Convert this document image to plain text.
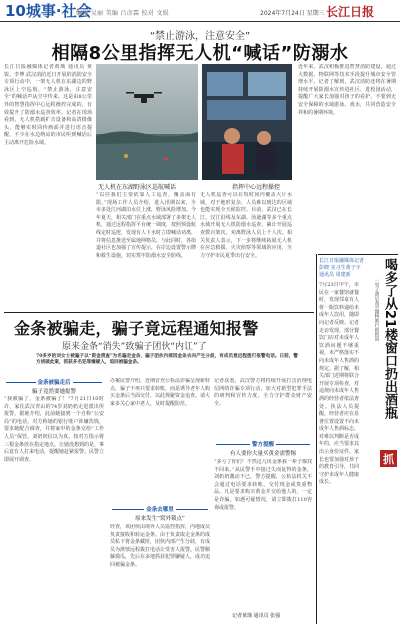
10城事·社会
编辑 吴丽 美编 吕彦霖 校对 文娱	2024年7月24日 星期三 长江日报
“禁止游泳，注意安全”
相隔8公里指挥无人机“喊话”防溺水
长江日报融媒体记者黄璜 通讯员 黄锐、李博 武汉消防近日开展的消防安全专项行动中，一架无人机在东湖边的野泳区上空巡航，“禁止游泳，注意安全”的喊话声从空中传来。这是由8公里外的智慧指挥中心远程操控完成的，有效提升了防溺水巡查效率。记者在现场看到，无人机搭载扩音设备和高清摄像头，能够实时回传画面并进行语音提醒，不少在水边纳凉的市民听到喊话后主动离开危险水域。
无人机在东湖野泳区巡航喊话	指挥中心远程操控
“以往我们主要依靠人工巡查，覆盖面有限。”现场工作人员介绍，进入汛期以来，全市多处江河湖泊水位上涨，野泳风险增加。今年夏天，相关部门在重点水域部署了多架无人机，通过远程指挥平台统一调度，按照预设航线定时巡逻，发现有人下水时立即喊话劝离，并将信息推送至属地网格员。与此同时，各街道社区也加强了宣传提示，在岸边设置警示牌和救生设施，切实筑牢防溺水安全防线。
无人机巡查可以在短时间内覆盖大片水域，对于地形复杂、人员难以到达的区域也能实现全天候监控。目前，武汉已在长江、汉江沿线及东湖、汤逊湖等多个重点水域开展无人机防溺水巡查，累计开展巡查数百架次，劝离野泳人员上千人次。相关负责人表示，下一步将继续拓展无人机在应急救援、火灾侦察等领域的应用，全力守护市民夏季出行安全。
近年来，武汉积极推进智慧消防建设，通过大数据、物联网等技术手段提升城市安全管理水平。记者了解到，武汉消防还将在暑期持续开展防溺水宣传进社区、进校园活动，提醒广大家长加强对孩子的看护，不要到无安全保障的水域游泳、戏水，共同营造安全祥和的暑期环境。
金条被骗走，骗子竟远程通知报警
原来金条“消失”致骗子团伙“内讧”了
70多岁的刘女士被骗子以“资金清查”为名骗走金条，骗子团伙内部因金条去向产生分歧，有成员竟远程拨打报警电话。日前，警方侦破此案，抓获多名犯罪嫌疑人，追回被骗金条。
金条被骗走后
骗子竟然要她报警
“我被骗了，金条被骗了！”7月21日10时许，家住武汉青山的74岁刘奶奶走进派出所报警。据她介绍，此前她接到一个自称“公安局”的电话，对方称她的银行账户涉嫌洗钱，要求她配合调查，并将家中的金条交给“工作人员”保管。刘奶奶信以为真，按对方指示将三根金条放在指定地点。让她没想到的是，事后竟有人打来电话，提醒她赶紧报警。民警立即展开调查。
金条去哪里
原来发生“窝外锁点”
办案民警介绍，近期冒充公检法诈骗呈现新特点，骗子不再只要求转账，而是诱导老年人购买金条后当面交付，以此规避资金追查。请大家多关心家中老人，及时提醒防范。
经查，该团伙由境外人员遥控指挥，内地成员负责接收和转运金条。由于负责取走金条的成员私下将金条藏匿，团伙内部产生分歧，有成员为泄愤远程拨打电话让受害人报警。民警顺藤摸瓜，先后在多地抓获犯罪嫌疑人，成功追回被骗金条。
记者获悉，武汉警方将持续开展打击治理电信网络诈骗专项行动，加大对新型犯罪手法的研判和宣传力度，全力守护群众财产安全。
警方提醒
有人要你大量买黄金需警惕
“多亏了你们！不然这几块金条我一辈子都找不回来。”从民警手中接过失而复得的金条，刘奶奶激动不已。警方提醒，公检法机关不会通过电话要求转账、交付现金或贵重物品，凡是要求购买黄金并交给他人的，一定是诈骗。如遇可疑情况，请立即拨打110咨询或报警。
记者黄璜 通讯员 张强
长江日报融媒体记者彭晓 实习生黄子宇 通讯员 周建新
7月23日中午，市民在一家餐馆就餐时，发现邻桌有人将一瓶饮料递给未成年人饮用，随即向记者反映。记者走访发现，部分餐饮门店对未成年人饮酒问题不够重视，未严格落实不向未成年人售酒的规定。据了解，相关部门近期将联合开展专项检查，对违规向未成年人售酒的经营者依法查处。执法人员提醒，经营者应在显著位置设置不向未成年人售酒标志，对难以判断是否成年的，应当要求其出示身份证件。家长也要加强对孩子的教育引导，共同守护未成年人健康成长。
喝多了从21楼窗口扔出酒瓶
一男子酒后高空抛物被行政拘留
抓
